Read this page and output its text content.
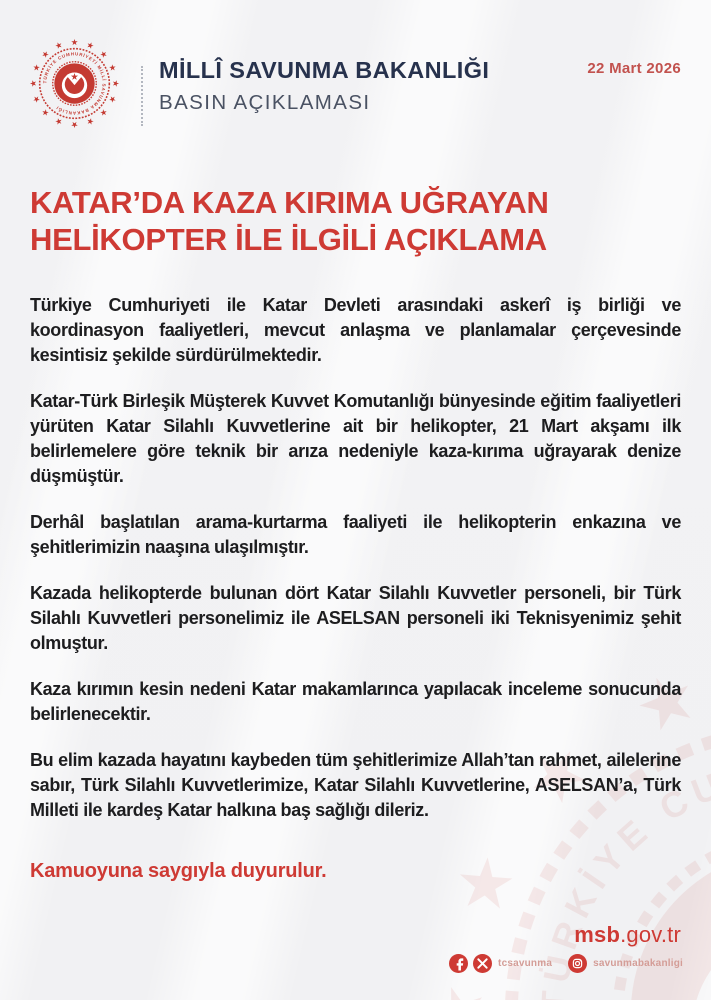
TÜRKİYE CUMHURİYETİ MİLLÎ SAVUNMA BAKANLIĞI
MİLLÎ SAVUNMA BAKANLIĞI
BASIN AÇIKLAMASI
22 Mart 2026
KATAR’DA KAZA KIRIMA UĞRAYAN
HELİKOPTER İLE İLGİLİ AÇIKLAMA

Türkiye Cumhuriyeti ile Katar Devleti arasındaki askerî iş birliği ve koordinasyon faaliyetleri, mevcut anlaşma ve planlamalar çerçevesinde kesintisiz şekilde sürdürülmektedir.

Katar-Türk Birleşik Müşterek Kuvvet Komutanlığı bünyesinde eğitim faaliyetleri yürüten Katar Silahlı Kuvvetlerine ait bir helikopter, 21 Mart akşamı ilk belirlemelere göre teknik bir arıza nedeniyle kaza-kırıma uğrayarak denize düşmüştür.

Derhâl başlatılan arama-kurtarma faaliyeti ile helikopterin enkazına ve şehitlerimizin naaşına ulaşılmıştır.

Kazada helikopterde bulunan dört Katar Silahlı Kuvvetler personeli, bir Türk Silahlı Kuvvetleri personelimiz ile ASELSAN personeli iki Teknisyenimiz şehit olmuştur.

Kaza kırımın kesin nedeni Katar makamlarınca yapılacak inceleme sonucunda belirlenecektir.

Bu elim kazada hayatını kaybeden tüm şehitlerimize Allah’tan rahmet, ailelerine sabır, Türk Silahlı Kuvvetlerimize, Katar Silahlı Kuvvetlerine, ASELSAN’a, Türk Milleti ile kardeş Katar halkına baş sağlığı dileriz.

Kamuoyuna saygıyla duyurulur.
msb.gov.tr
tcsavunma	savunmabakanligi
